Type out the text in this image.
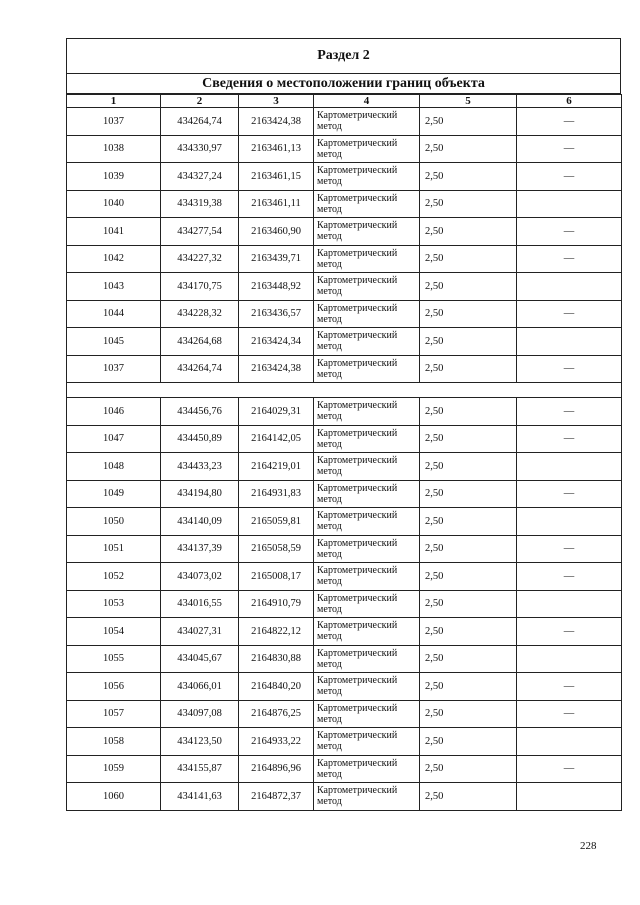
Раздел 2
Сведения о местоположении границ объекта
1	2	3	4	5	6
1037	434264,74	2163424,38	Картометрический метод	2,50	—
1038	434330,97	2163461,13	Картометрический метод	2,50	—
1039	434327,24	2163461,15	Картометрический метод	2,50	—
1040	434319,38	2163461,11	Картометрический метод	2,50	
1041	434277,54	2163460,90	Картометрический метод	2,50	—
1042	434227,32	2163439,71	Картометрический метод	2,50	—
1043	434170,75	2163448,92	Картометрический метод	2,50	
1044	434228,32	2163436,57	Картометрический метод	2,50	—
1045	434264,68	2163424,34	Картометрический метод	2,50	
1037	434264,74	2163424,38	Картометрический метод	2,50	—

1046	434456,76	2164029,31	Картометрический метод	2,50	—
1047	434450,89	2164142,05	Картометрический метод	2,50	—
1048	434433,23	2164219,01	Картометрический метод	2,50	
1049	434194,80	2164931,83	Картометрический метод	2,50	—
1050	434140,09	2165059,81	Картометрический метод	2,50	
1051	434137,39	2165058,59	Картометрический метод	2,50	—
1052	434073,02	2165008,17	Картометрический метод	2,50	—
1053	434016,55	2164910,79	Картометрический метод	2,50	
1054	434027,31	2164822,12	Картометрический метод	2,50	—
1055	434045,67	2164830,88	Картометрический метод	2,50	
1056	434066,01	2164840,20	Картометрический метод	2,50	—
1057	434097,08	2164876,25	Картометрический метод	2,50	—
1058	434123,50	2164933,22	Картометрический метод	2,50	
1059	434155,87	2164896,96	Картометрический метод	2,50	—
1060	434141,63	2164872,37	Картометрический метод	2,50	
228
